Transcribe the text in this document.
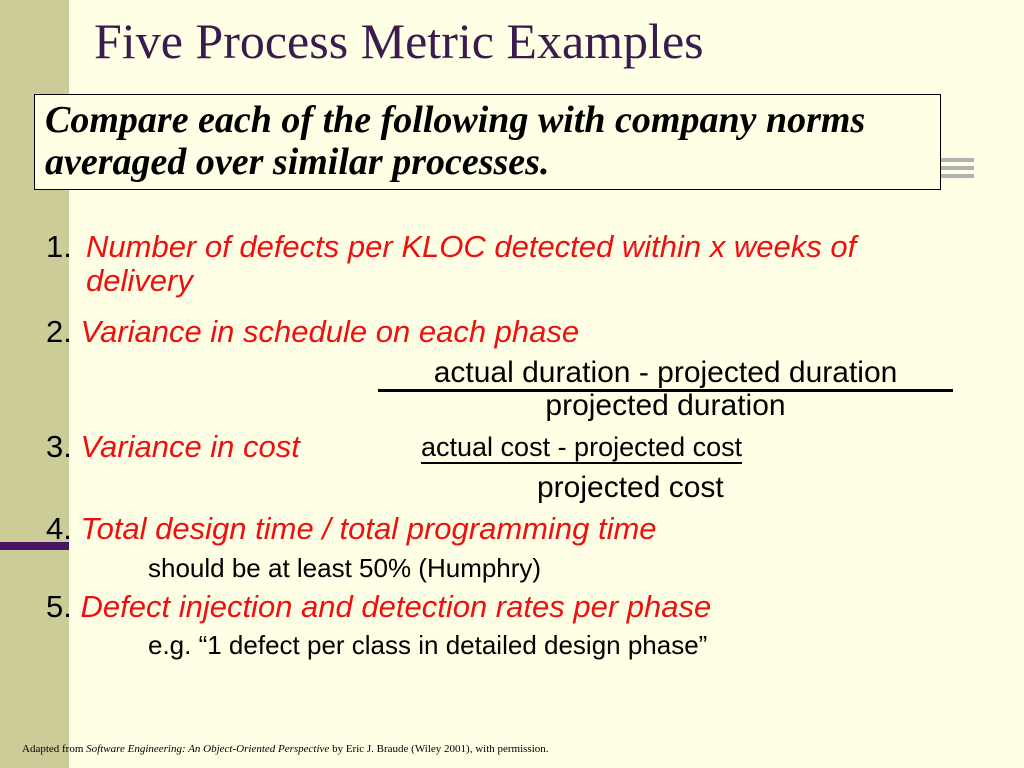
Five Process Metric Examples

Compare each of the following with company norms averaged over similar processes.

1. Number of defects per KLOC detected within x weeks of delivery
2. Variance in schedule on each phase
actual duration - projected duration
projected duration
3. Variance in cost	actual cost - projected cost
projected cost
4. Total design time / total programming time
should be at least 50% (Humphry)
5. Defect injection and detection rates per phase
e.g. “1 defect per class in detailed design phase”
Adapted from Software Engineering: An Object-Oriented Perspective by Eric J. Braude (Wiley 2001), with permission.
